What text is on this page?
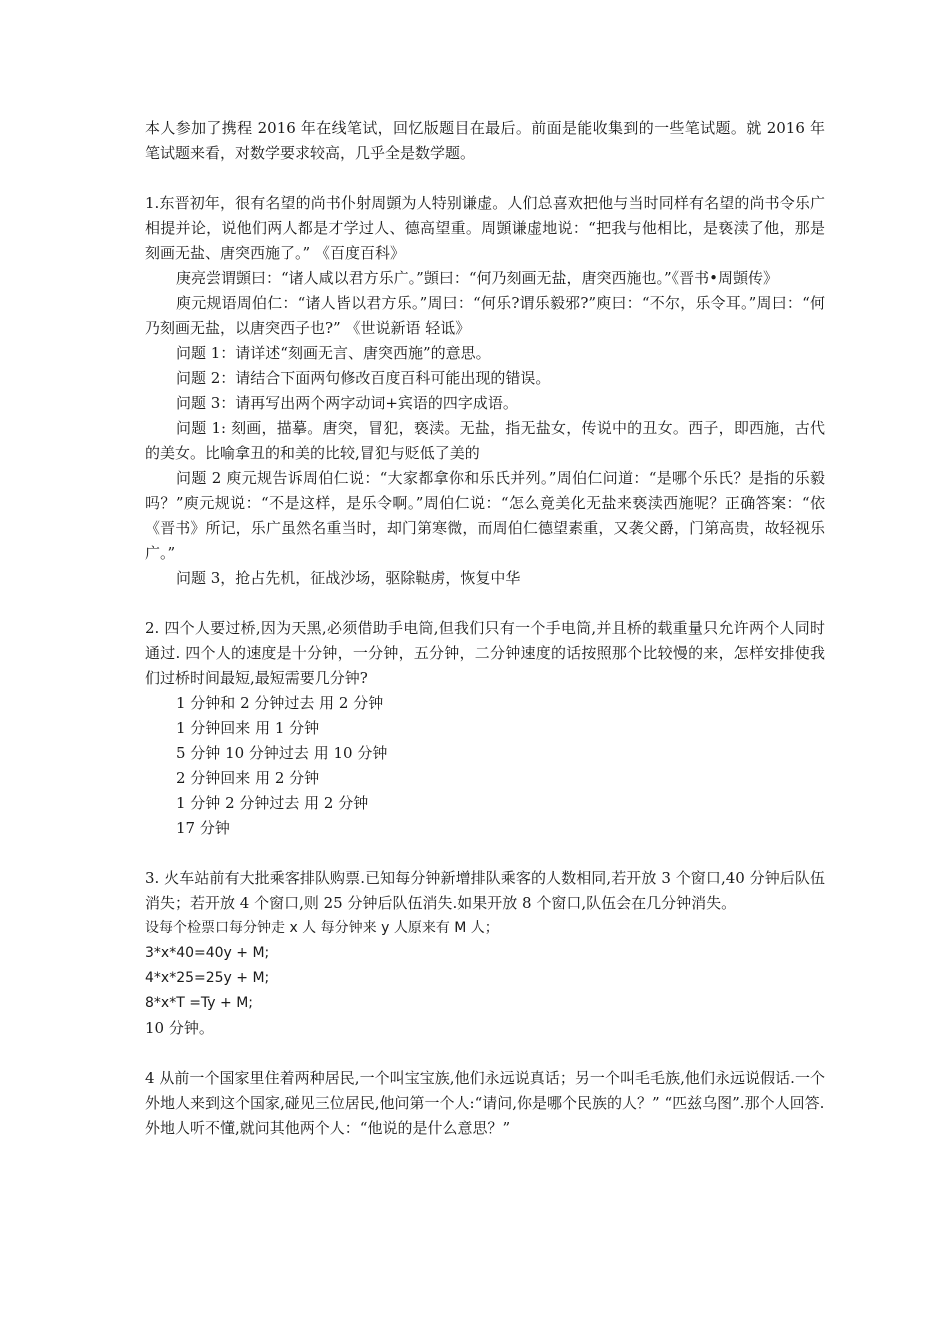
本人参加了携程 2016 年在线笔试，回忆版题目在最后。前面是能收集到的一些笔试题。就 2016 年笔试题来看，对数学要求较高，几乎全是数学题。

1.东晋初年，很有名望的尚书仆射周顗为人特别谦虚。人们总喜欢把他与当时同样有名望的尚书令乐广相提并论，说他们两人都是才学过人、德高望重。周顗谦虚地说：“把我与他相比，是亵渎了他，那是刻画无盐、唐突西施了。” 《百度百科》

庚亮尝谓顗曰：“诸人咸以君方乐广。”顗曰：“何乃刻画无盐，唐突西施也。”《晋书•周顗传》

庾元规语周伯仁：“诸人皆以君方乐。”周曰：“何乐?谓乐毅邪?”庾曰：“不尔，乐令耳。”周曰：“何乃刻画无盐，以唐突西子也?” 《世说新语 轻诋》

问题 1：请详述“刻画无言、唐突西施”的意思。

问题 2：请结合下面两句修改百度百科可能出现的错误。

问题 3：请再写出两个两字动词+宾语的四字成语。

问题 1: 刻画，描摹。唐突，冒犯，亵渎。无盐，指无盐女，传说中的丑女。西子，即西施，古代的美女。比喻拿丑的和美的比较,冒犯与贬低了美的

问题 2 庾元规告诉周伯仁说：“大家都拿你和乐氏并列。”周伯仁问道：“是哪个乐氏？是指的乐毅吗？”庾元规说：“不是这样，是乐令啊。”周伯仁说：“怎么竟美化无盐来亵渎西施呢？正确答案：“依《晋书》所记，乐广虽然名重当时，却门第寒微，而周伯仁德望素重，又袭父爵，门第高贵，故轻视乐广。”

问题 3，抢占先机，征战沙场，驱除鞑虏，恢复中华

2. 四个人要过桥,因为天黑,必须借助手电筒,但我们只有一个手电筒,并且桥的载重量只允许两个人同时通过. 四个人的速度是十分钟，一分钟，五分钟，二分钟速度的话按照那个比较慢的来，怎样安排使我们过桥时间最短,最短需要几分钟?

1 分钟和 2 分钟过去 用 2 分钟

1 分钟回来 用 1 分钟

5 分钟 10 分钟过去 用 10 分钟

2 分钟回来 用 2 分钟

1 分钟 2 分钟过去 用 2 分钟

17 分钟

3. 火车站前有大批乘客排队购票.已知每分钟新增排队乘客的人数相同,若开放 3 个窗口,40 分钟后队伍消失；若开放 4 个窗口,则 25 分钟后队伍消失.如果开放 8 个窗口,队伍会在几分钟消失。

设每个检票口每分钟走 x 人 每分钟来 y 人原来有 M 人；

3*x*40=40y + M;

4*x*25=25y + M;

8*x*T =Ty + M;

10 分钟。

4 从前一个国家里住着两种居民,一个叫宝宝族,他们永远说真话；另一个叫毛毛族,他们永远说假话.一个外地人来到这个国家,碰见三位居民,他问第一个人:“请问,你是哪个民族的人？” “匹兹乌图”.那个人回答.

外地人听不懂,就问其他两个人：“他说的是什么意思？”
